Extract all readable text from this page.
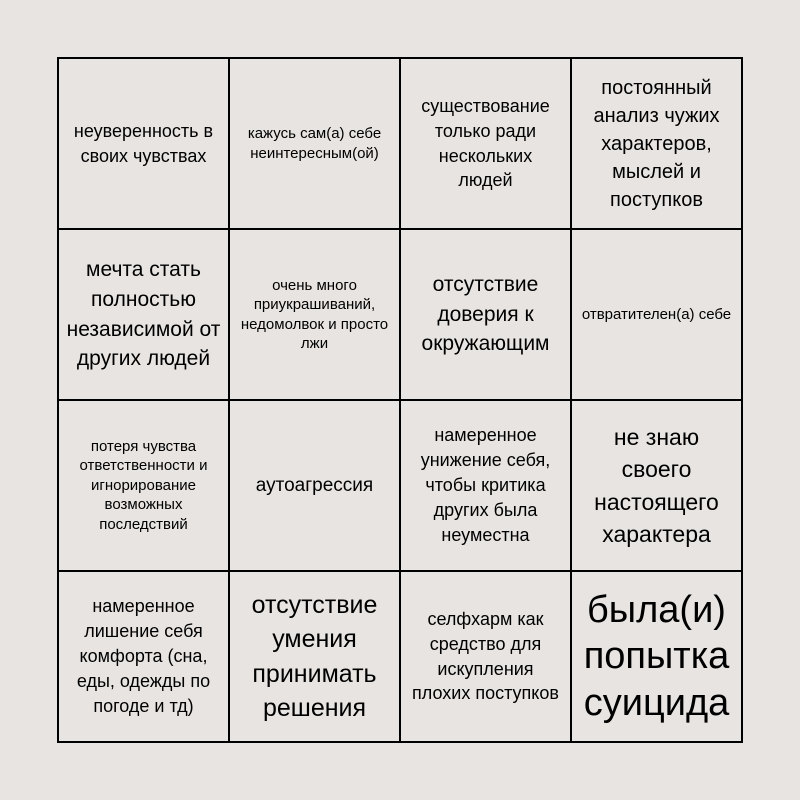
неуверенность в своих чувствах
кажусь сам(а) себе неинтересным(ой)
существование только ради нескольких людей
постоянный анализ чужих характеров, мыслей и поступков
мечта стать полностью независимой от других людей
очень много приукрашиваний, недомолвок и просто лжи
отсутствие доверия к окружающим
отвратителен(а) себе
потеря чувства ответственности и игнорирование возможных последствий
аутоагрессия
намеренное унижение себя, чтобы критика других была неуместна
не знаю своего настоящего характера
намеренное лишение себя комфорта (сна, еды, одежды по погоде и тд)
отсутствие умения принимать решения
селфхарм как средство для искупления плохих поступков
была(и) попытка суицида
